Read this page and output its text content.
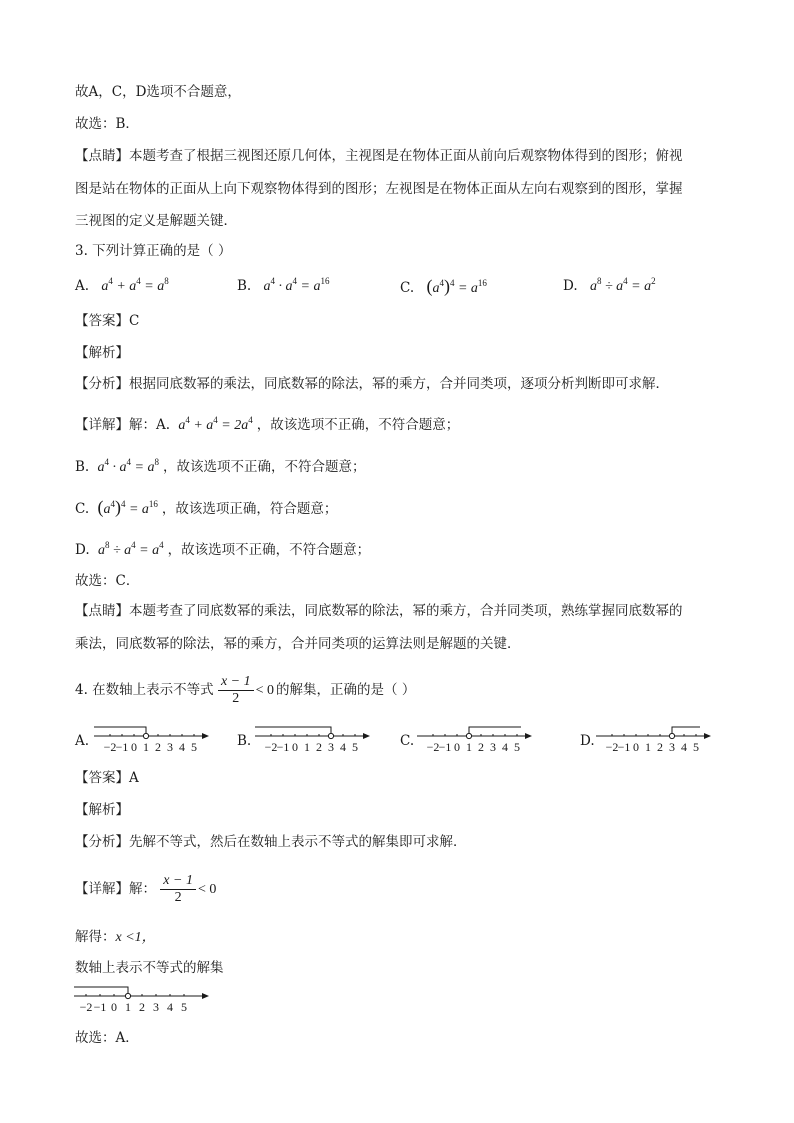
故A，C，D选项不合题意，
故选：B．
【点睛】本题考查了根据三视图还原几何体，主视图是在物体正面从前向后观察物体得到的图形；俯视
图是站在物体的正面从上向下观察物体得到的图形；左视图是在物体正面从左向右观察到的图形，掌握
三视图的定义是解题关键．
3. 下列计算正确的是（ ）
A. $a^4 + a^4 = a^8$	B. $a^4 \cdot a^4 = a^{16}$	C. $(a^4)^4 = a^{16}$	D. $a^8 \div a^4 = a^2$
【答案】C
【解析】
【分析】根据同底数幂的乘法，同底数幂的除法，幂的乘方，合并同类项，逐项分析判断即可求解．
【详解】解：A. $a^4 + a^4 = 2a^4$ ，故该选项不正确，不符合题意；
B. $a^4 \cdot a^4 = a^8$ ，故该选项不正确，不符合题意；
C. $(a^4)^4 = a^{16}$ ，故该选项正确，符合题意；
D. $a^8 \div a^4 = a^4$ ，故该选项不正确，不符合题意；
故选：C．
【点睛】本题考查了同底数幂的乘法，同底数幂的除法，幂的乘方，合并同类项，熟练掌握同底数幂的
乘法，同底数幂的除法，幂的乘方，合并同类项的运算法则是解题的关键．
4. 在数轴上表示不等式 $\frac{x - 1}{2} < 0$ 的解集，正确的是（ ）
A.	B.	C.	D.
−2 −1 0 1 2 3 4 5	−2 −1 0 1 2 3 4 5	−2 −1 0 1 2 3 4 5	−2 −1 0 1 2 3 4 5
【答案】A
【解析】
【分析】先解不等式，然后在数轴上表示不等式的解集即可求解．
【详解】解： $\frac{x - 1}{2} < 0$
解得：x <1，
数轴上表示不等式的解集
−2 −1 0 1 2 3 4 5
故选：A．
